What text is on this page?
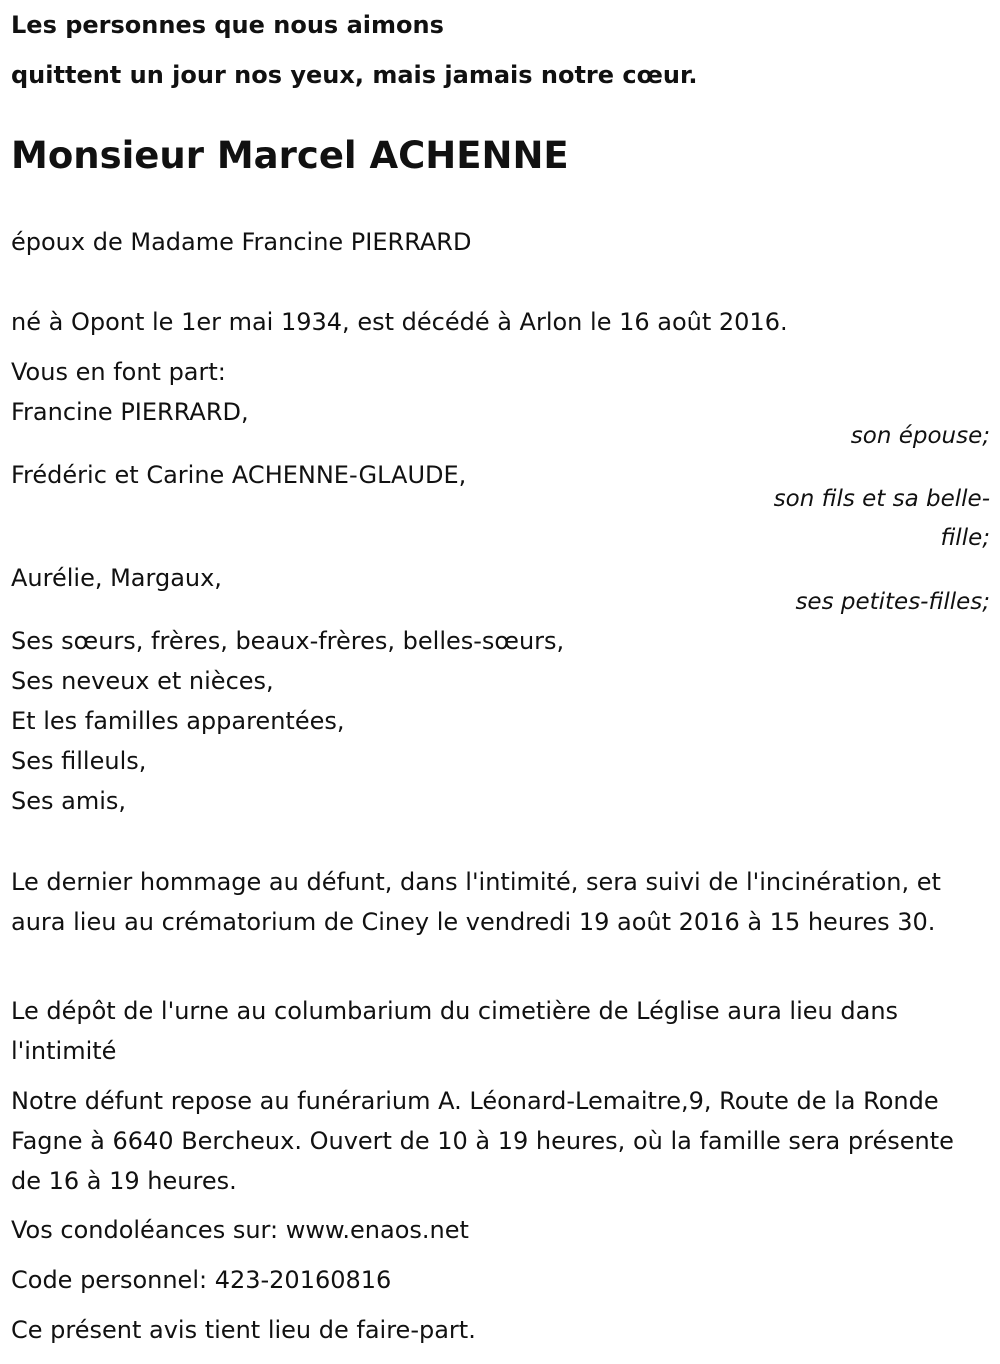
Les personnes que nous aimons
quittent un jour nos yeux, mais jamais notre cœur.
Monsieur Marcel ACHENNE
époux de Madame Francine PIERRARD
né à Opont le 1er mai 1934, est décédé à Arlon le 16 août 2016.
Vous en font part:
Francine PIERRARD,
son épouse;
Frédéric et Carine ACHENNE-GLAUDE,
son fils et sa belle-
fille;
Aurélie, Margaux,
ses petites-filles;
Ses sœurs, frères, beaux-frères, belles-sœurs,
Ses neveux et nièces,
Et les familles apparentées,
Ses filleuls,
Ses amis,

Le dernier hommage au défunt, dans l'intimité, sera suivi de l'incinération, et aura lieu au crématorium de Ciney le vendredi 19 août 2016 à 15 heures 30.

Le dépôt de l'urne au columbarium du cimetière de Léglise aura lieu dans l'intimité

Notre défunt repose au funérarium A. Léonard-Lemaitre,9, Route de la Ronde Fagne à 6640 Bercheux. Ouvert de 10 à 19 heures, où la famille sera présente de 16 à 19 heures.

Vos condoléances sur: www.enaos.net
Code personnel: 423-20160816
Ce présent avis tient lieu de faire-part.
